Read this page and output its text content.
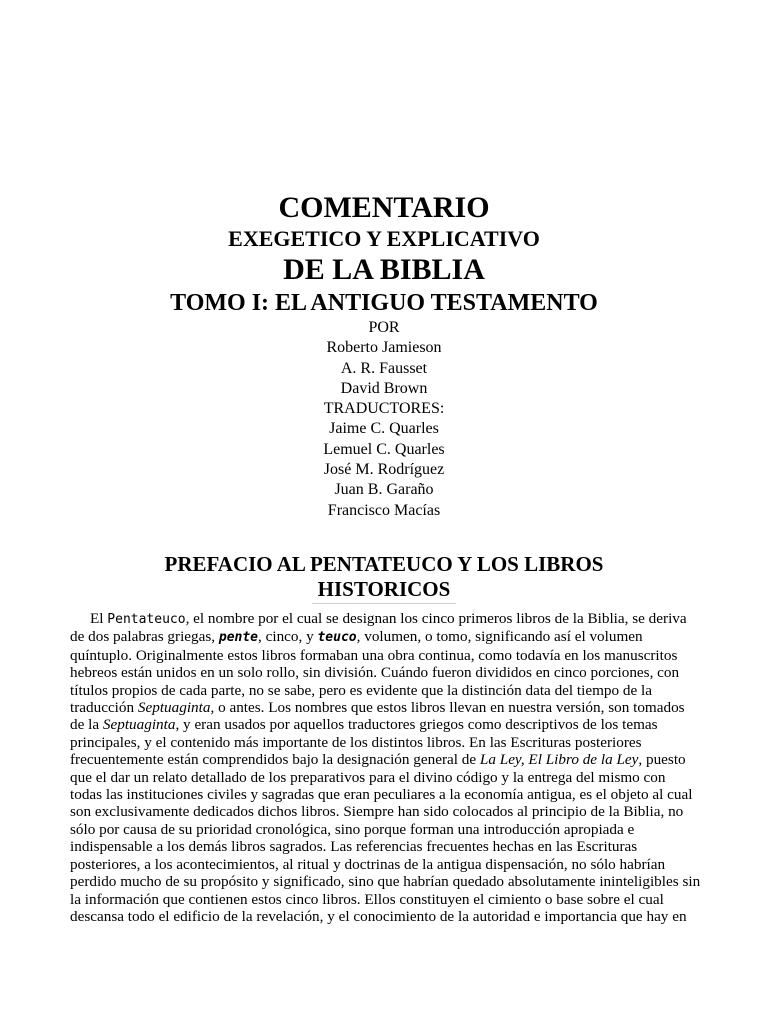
COMENTARIO
EXEGETICO Y EXPLICATIVO
DE LA BIBLIA
TOMO I: EL ANTIGUO TESTAMENTO
POR
Roberto Jamieson
A. R. Fausset
David Brown
TRADUCTORES:
Jaime C. Quarles
Lemuel C. Quarles
José M. Rodríguez
Juan B. Garaño
Francisco Macías
PREFACIO AL PENTATEUCO Y LOS LIBROS
HISTORICOS
El Pentateuco, el nombre por el cual se designan los cinco primeros libros de la Biblia, se deriva
de dos palabras griegas, pente, cinco, y teuco, volumen, o tomo, significando así el volumen
quíntuplo. Originalmente estos libros formaban una obra continua, como todavía en los manuscritos
hebreos están unidos en un solo rollo, sin división. Cuándo fueron divididos en cinco porciones, con
títulos propios de cada parte, no se sabe, pero es evidente que la distinción data del tiempo de la
traducción Septuaginta, o antes. Los nombres que estos libros llevan en nuestra versión, son tomados
de la Septuaginta, y eran usados por aquellos traductores griegos como descriptivos de los temas
principales, y el contenido más importante de los distintos libros. En las Escrituras posteriores
frecuentemente están comprendidos bajo la designación general de La Ley, El Libro de la Ley, puesto
que el dar un relato detallado de los preparativos para el divino código y la entrega del mismo con
todas las instituciones civiles y sagradas que eran peculiares a la economía antigua, es el objeto al cual
son exclusivamente dedicados dichos libros. Siempre han sido colocados al principio de la Biblia, no
sólo por causa de su prioridad cronológica, sino porque forman una introducción apropiada e
indispensable a los demás libros sagrados. Las referencias frecuentes hechas en las Escrituras
posteriores, a los acontecimientos, al ritual y doctrinas de la antigua dispensación, no sólo habrían
perdido mucho de su propósito y significado, sino que habrían quedado absolutamente ininteligibles sin
la información que contienen estos cinco libros. Ellos constituyen el cimiento o base sobre el cual
descansa todo el edificio de la revelación, y el conocimiento de la autoridad e importancia que hay en
